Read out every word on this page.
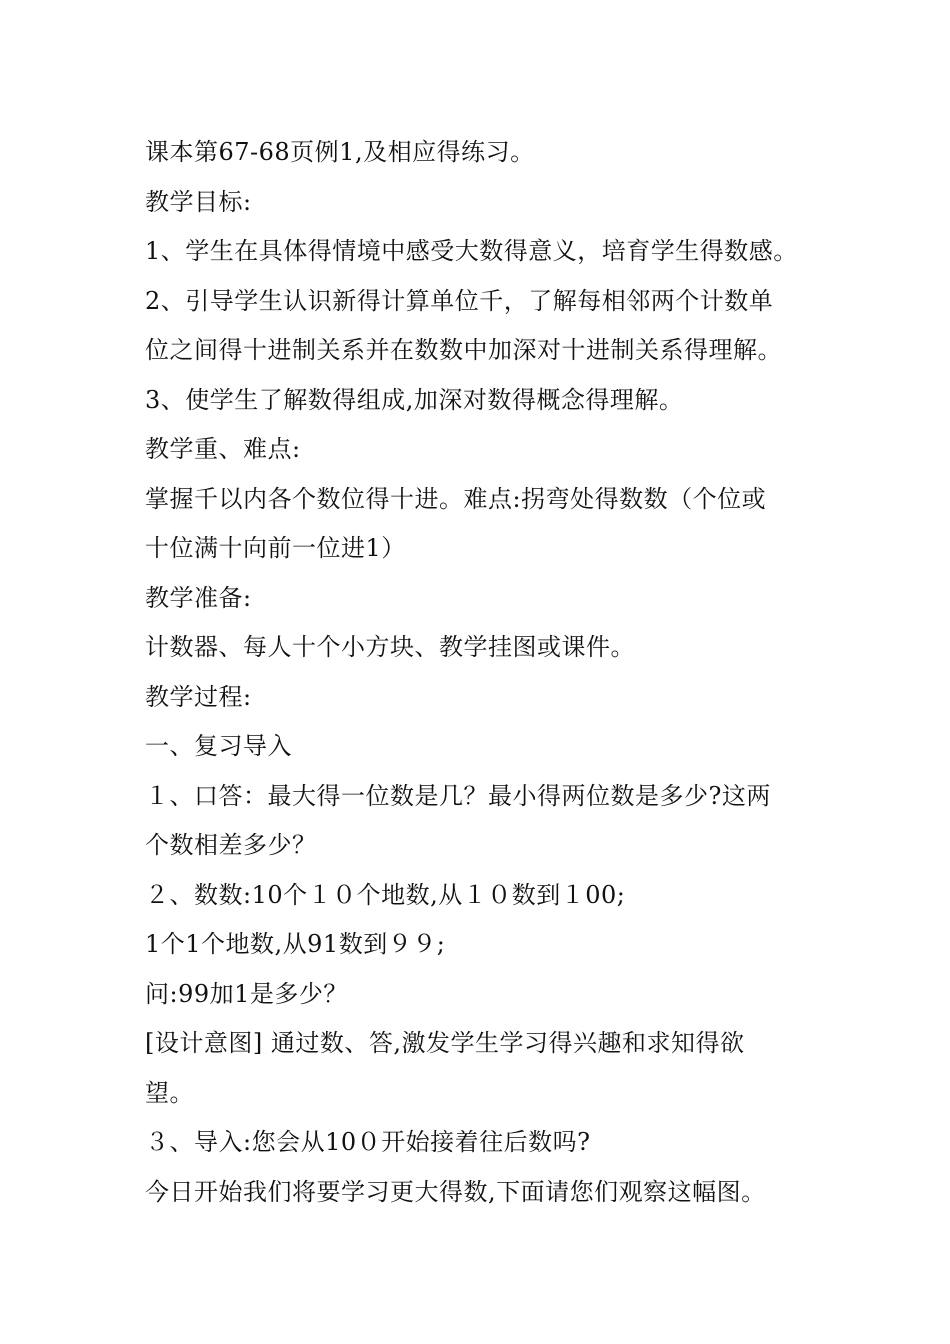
课本第67-68页例1,及相应得练习。
教学目标:
1、学生在具体得情境中感受大数得意义，培育学生得数感。
2、引导学生认识新得计算单位千，了解每相邻两个计数单
位之间得十进制关系并在数数中加深对十进制关系得理解。
3、使学生了解数得组成,加深对数得概念得理解。
教学重、难点:
掌握千以内各个数位得十进。难点:拐弯处得数数（个位或
十位满十向前一位进1）
教学准备:
计数器、每人十个小方块、教学挂图或课件。
教学过程:
一、复习导入
１、口答：最大得一位数是几？最小得两位数是多少?这两
个数相差多少？
２、数数:10个１０个地数,从１０数到１00;
1个1个地数,从91数到９９;
问:99加1是多少？
[设计意图] 通过数、答,激发学生学习得兴趣和求知得欲
望。
３、导入:您会从10０开始接着往后数吗?
今日开始我们将要学习更大得数,下面请您们观察这幅图。
